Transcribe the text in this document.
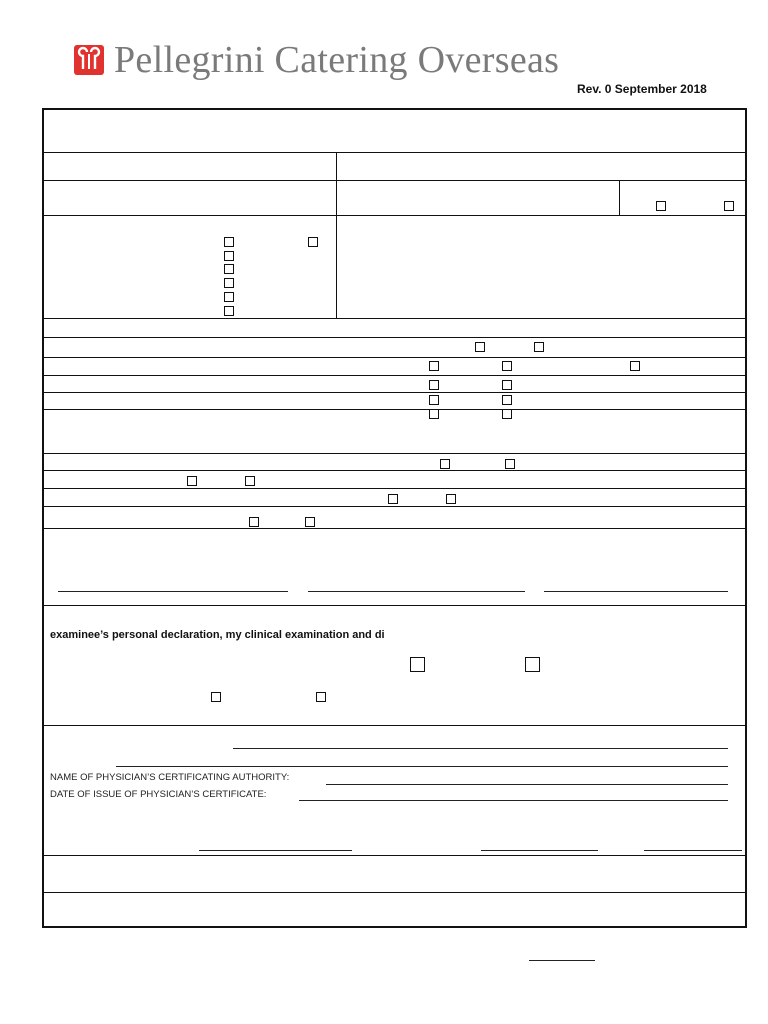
Pellegrini Catering Overseas
Rev. 0 September 2018
examinee’s personal declaration, my clinical examination and di
NAME OF PHYSICIAN’S CERTIFICATING AUTHORITY:
DATE OF ISSUE OF PHYSICIAN’S CERTIFICATE:
